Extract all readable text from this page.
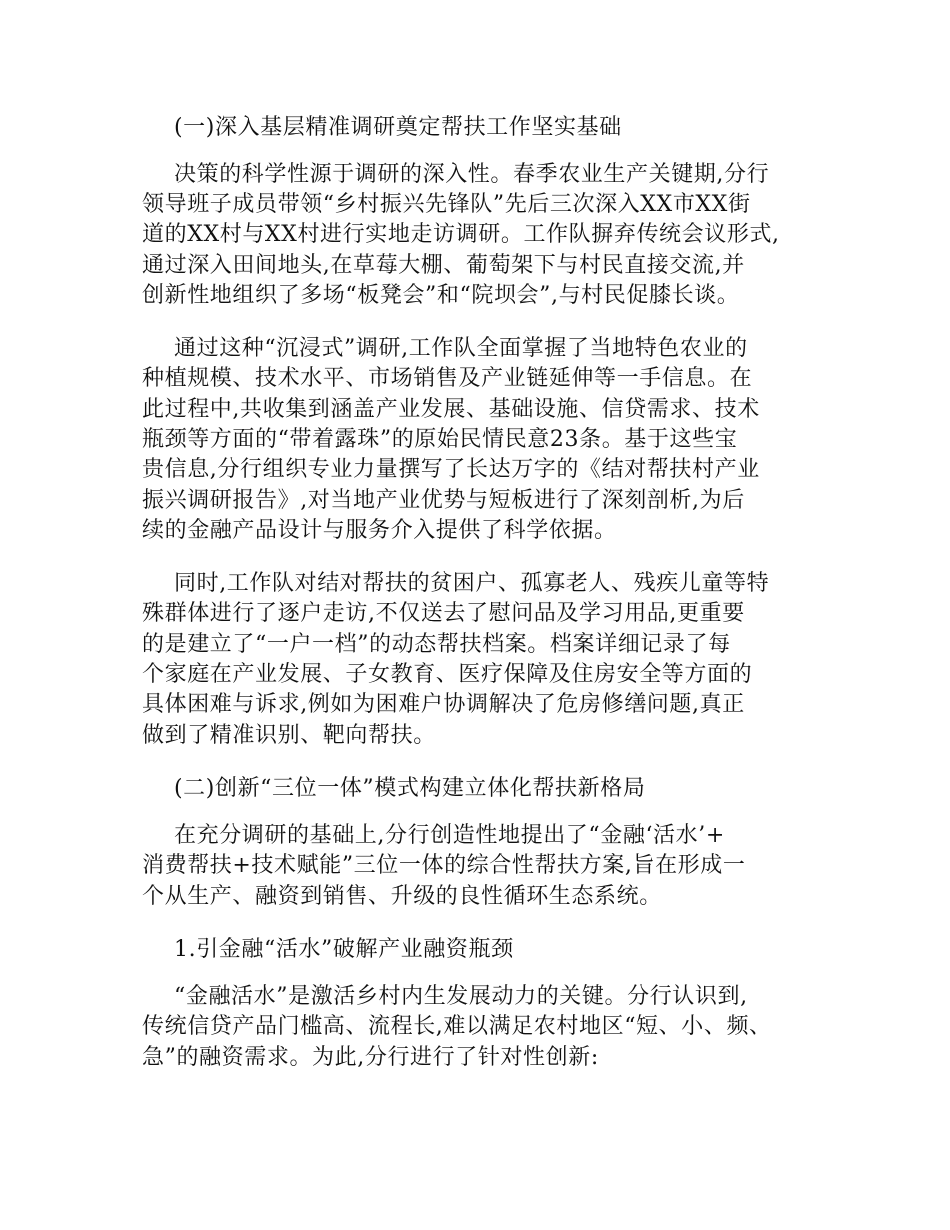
(一)深入基层精准调研奠定帮扶工作坚实基础
决策的科学性源于调研的深入性。春季农业生产关键期,分行
领导班子成员带领“乡村振兴先锋队”先后三次深入XX市XX街
道的XX村与XX村进行实地走访调研。工作队摒弃传统会议形式,
通过深入田间地头,在草莓大棚、葡萄架下与村民直接交流,并
创新性地组织了多场“板凳会”和“院坝会”,与村民促膝长谈。
通过这种“沉浸式”调研,工作队全面掌握了当地特色农业的
种植规模、技术水平、市场销售及产业链延伸等一手信息。在
此过程中,共收集到涵盖产业发展、基础设施、信贷需求、技术
瓶颈等方面的“带着露珠”的原始民情民意23条。基于这些宝
贵信息,分行组织专业力量撰写了长达万字的《结对帮扶村产业
振兴调研报告》,对当地产业优势与短板进行了深刻剖析,为后
续的金融产品设计与服务介入提供了科学依据。
同时,工作队对结对帮扶的贫困户、孤寡老人、残疾儿童等特
殊群体进行了逐户走访,不仅送去了慰问品及学习用品,更重要
的是建立了“一户一档”的动态帮扶档案。档案详细记录了每
个家庭在产业发展、子女教育、医疗保障及住房安全等方面的
具体困难与诉求,例如为困难户协调解决了危房修缮问题,真正
做到了精准识别、靶向帮扶。
(二)创新“三位一体”模式构建立体化帮扶新格局
在充分调研的基础上,分行创造性地提出了“金融‘活水’+
消费帮扶+技术赋能”三位一体的综合性帮扶方案,旨在形成一
个从生产、融资到销售、升级的良性循环生态系统。
1.引金融“活水”破解产业融资瓶颈
“金融活水”是激活乡村内生发展动力的关键。分行认识到,
传统信贷产品门槛高、流程长,难以满足农村地区“短、小、频、
急”的融资需求。为此,分行进行了针对性创新:
